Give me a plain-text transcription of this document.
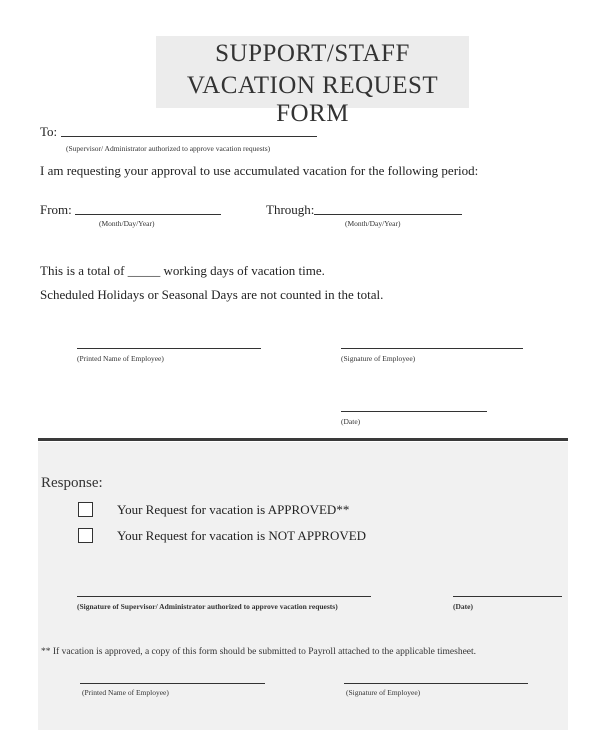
SUPPORT/STAFF
VACATION REQUEST FORM
To:
(Supervisor/ Administrator authorized to approve vacation requests)
I am requesting your approval to use accumulated vacation for the following period:
From:
(Month/Day/Year)
Through:
(Month/Day/Year)
This is a total of _____ working days of vacation time.
Scheduled Holidays or Seasonal Days are not counted in the total.
(Printed Name of Employee)	(Signature of Employee)
(Date)
Response:
Your Request for vacation is APPROVED**
Your Request for vacation is NOT APPROVED
(Signature of Supervisor/ Administrator authorized to approve vacation requests)	(Date)
** If vacation is approved, a copy of this form should be submitted to Payroll attached to the applicable timesheet.
(Printed Name of Employee)	(Signature of Employee)
